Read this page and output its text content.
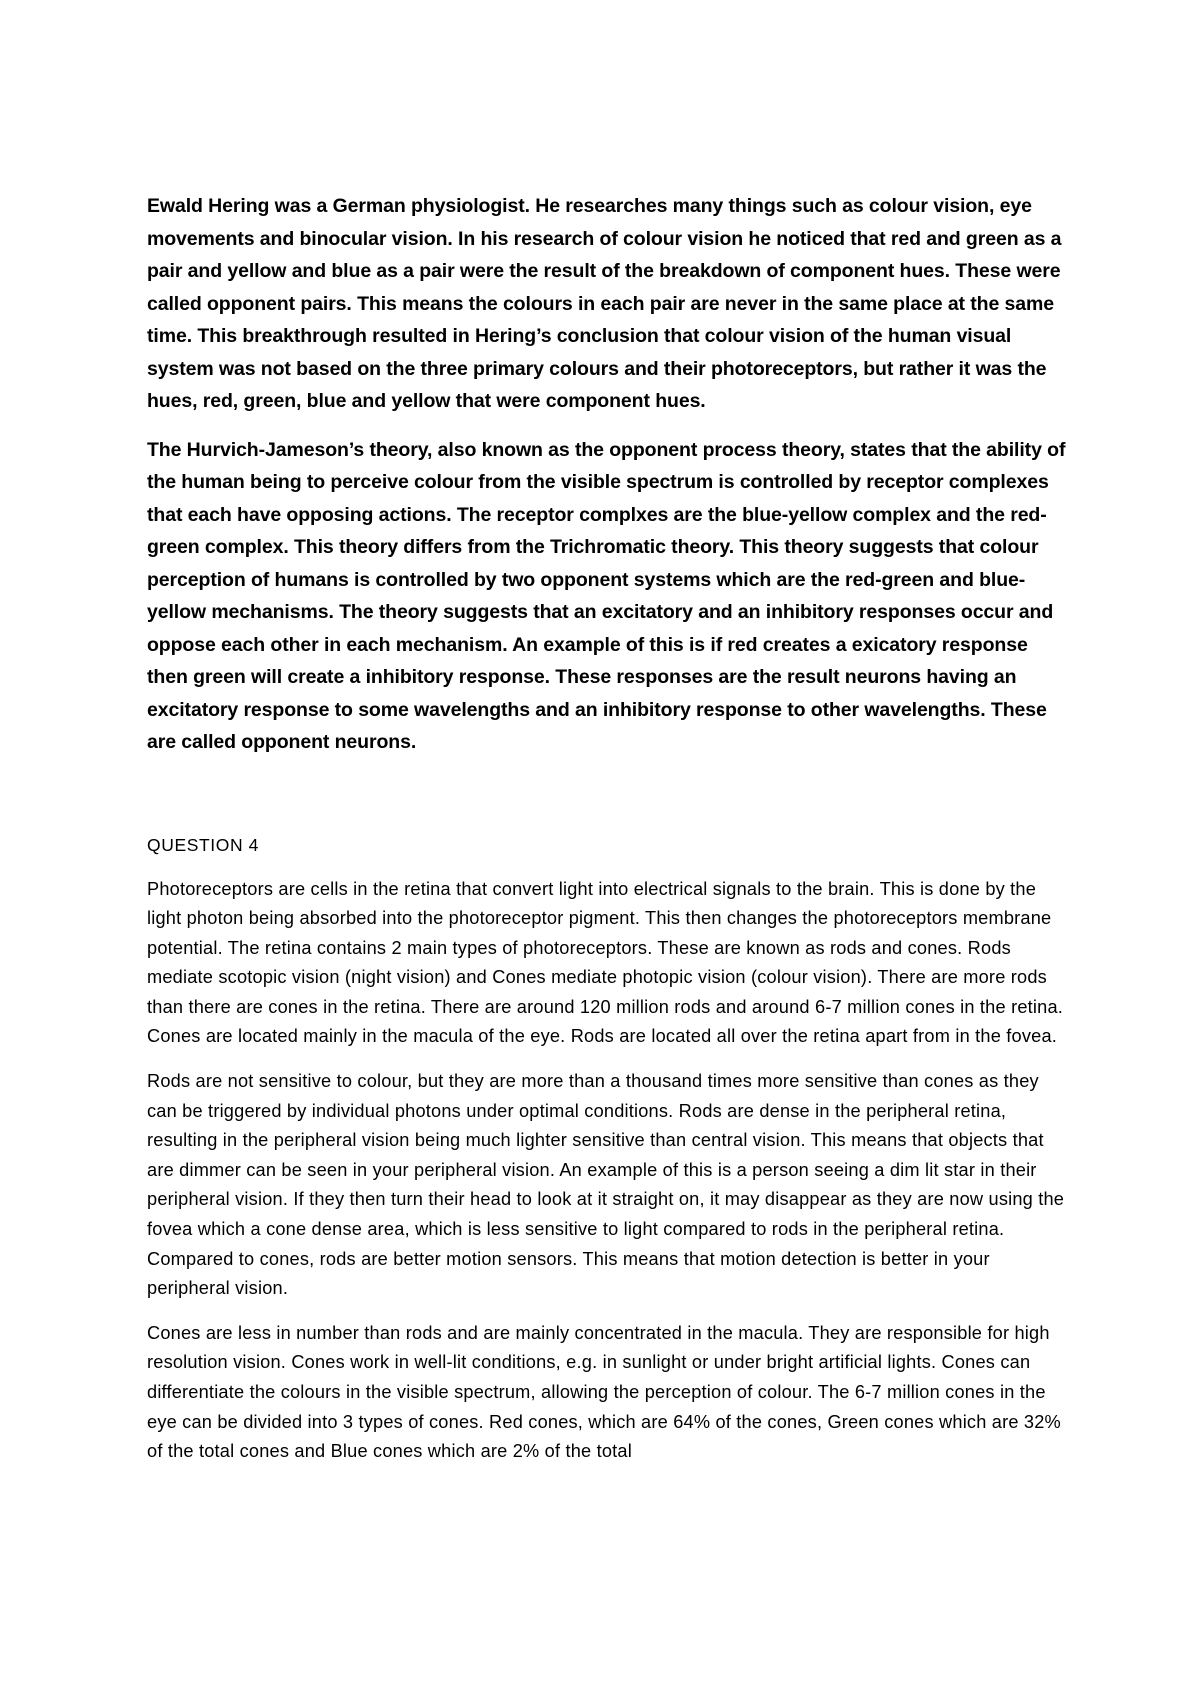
Ewald Hering was a German physiologist. He researches many things such as colour vision, eye movements and binocular vision. In his research of colour vision he noticed that red and green as a pair and yellow and blue as a pair were the result of the breakdown of component hues. These were called opponent pairs. This means the colours in each pair are never in the same place at the same time. This breakthrough resulted in Hering’s conclusion that colour vision of the human visual system was not based on the three primary colours and their photoreceptors, but rather it was the hues, red, green, blue and yellow that were component hues.

The Hurvich-Jameson’s theory, also known as the opponent process theory, states that the ability of the human being to perceive colour from the visible spectrum is controlled by receptor complexes that each have opposing actions. The receptor complxes are the blue-yellow complex and the red-green complex. This theory differs from the Trichromatic theory. This theory suggests that colour perception of humans is controlled by two opponent systems which are the red-green and blue-yellow mechanisms. The theory suggests that an excitatory and an inhibitory responses occur and oppose each other in each mechanism. An example of this is if red creates a exicatory response then green will create a inhibitory response. These responses are the result neurons having an excitatory response to some wavelengths and an inhibitory response to other wavelengths. These are called opponent neurons.

QUESTION 4

Photoreceptors are cells in the retina that convert light into electrical signals to the brain. This is done by the light photon being absorbed into the photoreceptor pigment. This then changes the photoreceptors membrane potential. The retina contains 2 main types of photoreceptors. These are known as rods and cones. Rods mediate scotopic vision (night vision) and Cones mediate photopic vision (colour vision). There are more rods than there are cones in the retina. There are around 120 million rods and around 6-7 million cones in the retina. Cones are located mainly in the macula of the eye. Rods are located all over the retina apart from in the fovea.

Rods are not sensitive to colour, but they are more than a thousand times more sensitive than cones as they can be triggered by individual photons under optimal conditions. Rods are dense in the peripheral retina, resulting in the peripheral vision being much lighter sensitive than central vision. This means that objects that are dimmer can be seen in your peripheral vision. An example of this is a person seeing a dim lit star in their peripheral vision. If they then turn their head to look at it straight on, it may disappear as they are now using the fovea which a cone dense area, which is less sensitive to light compared to rods in the peripheral retina. Compared to cones, rods are better motion sensors. This means that motion detection is better in your peripheral vision.

Cones are less in number than rods and are mainly concentrated in the macula. They are responsible for high resolution vision. Cones work in well-lit conditions, e.g. in sunlight or under bright artificial lights. Cones can differentiate the colours in the visible spectrum, allowing the perception of colour. The 6-7 million cones in the eye can be divided into 3 types of cones. Red cones, which are 64% of the cones, Green cones which are 32% of the total cones and Blue cones which are 2% of the total
